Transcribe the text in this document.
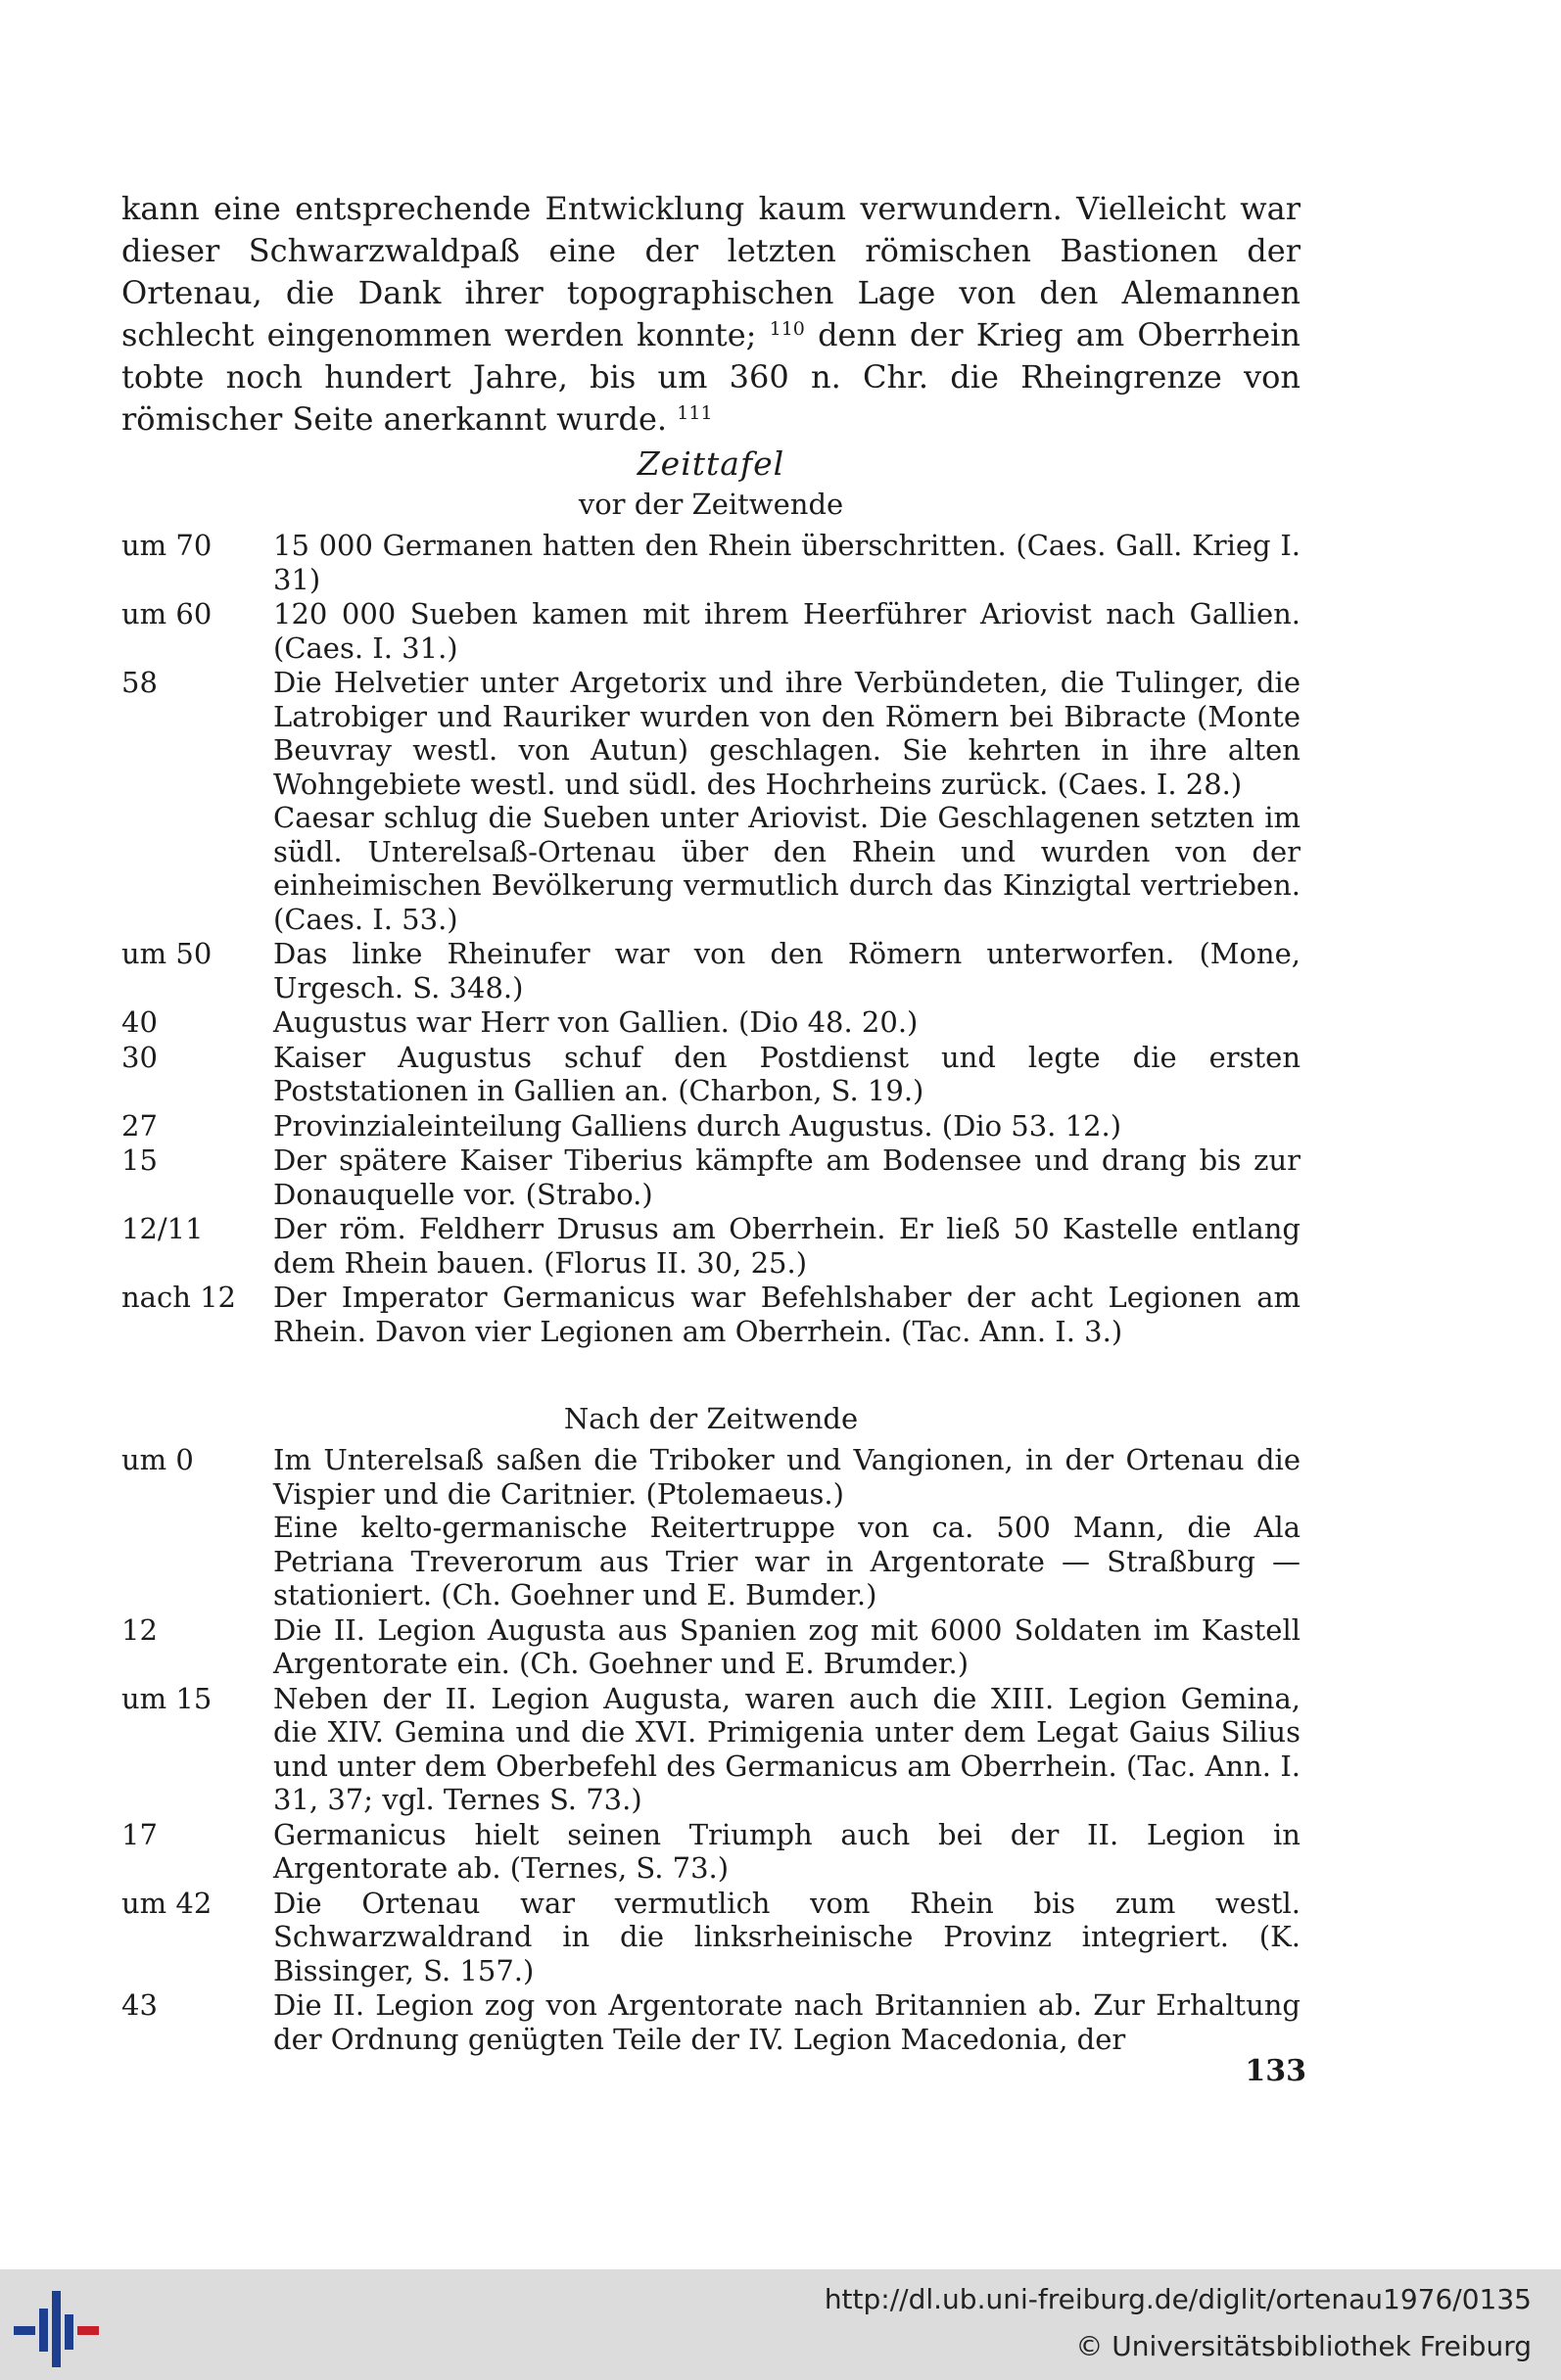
kann eine entsprechende Entwicklung kaum verwundern. Vielleicht war dieser Schwarzwaldpaß eine der letzten römischen Bastionen der Ortenau, die Dank ihrer topographischen Lage von den Alemannen schlecht eingenommen werden konnte; $^{110}$ denn der Krieg am Oberrhein tobte noch hundert Jahre, bis um 360 n. Chr. die Rheingrenze von römischer Seite anerkannt wurde. $^{111}$
Zeittafel
vor der Zeitwende
um 70	15 000 Germanen hatten den Rhein überschritten. (Caes. Gall. Krieg I. 31)

um 60	120 000 Sueben kamen mit ihrem Heerführer Ariovist nach Gallien. (Caes. I. 31.)

58	Die Helvetier unter Argetorix und ihre Verbündeten, die Tulinger, die Latrobiger und Rauriker wurden von den Römern bei Bibracte (Monte Beuvray westl. von Autun) geschlagen. Sie kehrten in ihre alten Wohngebiete westl. und südl. des Hochrheins zurück. (Caes. I. 28.)

Caesar schlug die Sueben unter Ariovist. Die Geschlagenen setzten im südl. Unterelsaß-Ortenau über den Rhein und wurden von der einheimischen Bevölkerung vermutlich durch das Kinzigtal vertrieben. (Caes. I. 53.)

um 50	Das linke Rheinufer war von den Römern unterworfen. (Mone, Urgesch. S. 348.)

40	Augustus war Herr von Gallien. (Dio 48. 20.)

30	Kaiser Augustus schuf den Postdienst und legte die ersten Poststationen in Gallien an. (Charbon, S. 19.)

27	Provinzialeinteilung Galliens durch Augustus. (Dio 53. 12.)

15	Der spätere Kaiser Tiberius kämpfte am Bodensee und drang bis zur Donauquelle vor. (Strabo.)

12/11	Der röm. Feldherr Drusus am Oberrhein. Er ließ 50 Kastelle entlang dem Rhein bauen. (Florus II. 30, 25.)

nach 12	Der Imperator Germanicus war Befehlshaber der acht Legionen am Rhein. Davon vier Legionen am Oberrhein. (Tac. Ann. I. 3.)

Nach der Zeitwende
um 0	Im Unterelsaß saßen die Triboker und Vangionen, in der Ortenau die Vispier und die Caritnier. (Ptolemaeus.)

Eine kelto-germanische Reitertruppe von ca. 500 Mann, die Ala Petriana Treverorum aus Trier war in Argentorate — Straßburg — stationiert. (Ch. Goehner und E. Bumder.)

12	Die II. Legion Augusta aus Spanien zog mit 6000 Soldaten im Kastell Argentorate ein. (Ch. Goehner und E. Brumder.)

um 15	Neben der II. Legion Augusta, waren auch die XIII. Legion Gemina, die XIV. Gemina und die XVI. Primigenia unter dem Legat Gaius Silius und unter dem Oberbefehl des Germanicus am Oberrhein. (Tac. Ann. I. 31, 37; vgl. Ternes S. 73.)

17	Germanicus hielt seinen Triumph auch bei der II. Legion in Argentorate ab. (Ternes, S. 73.)

um 42	Die Ortenau war vermutlich vom Rhein bis zum westl. Schwarzwaldrand in die linksrheinische Provinz integriert. (K. Bissinger, S. 157.)

43	Die II. Legion zog von Argentorate nach Britannien ab. Zur Erhaltung der Ordnung genügten Teile der IV. Legion Macedonia, der

133
http://dl.ub.uni-freiburg.de/diglit/ortenau1976/0135
© Universitätsbibliothek Freiburg
